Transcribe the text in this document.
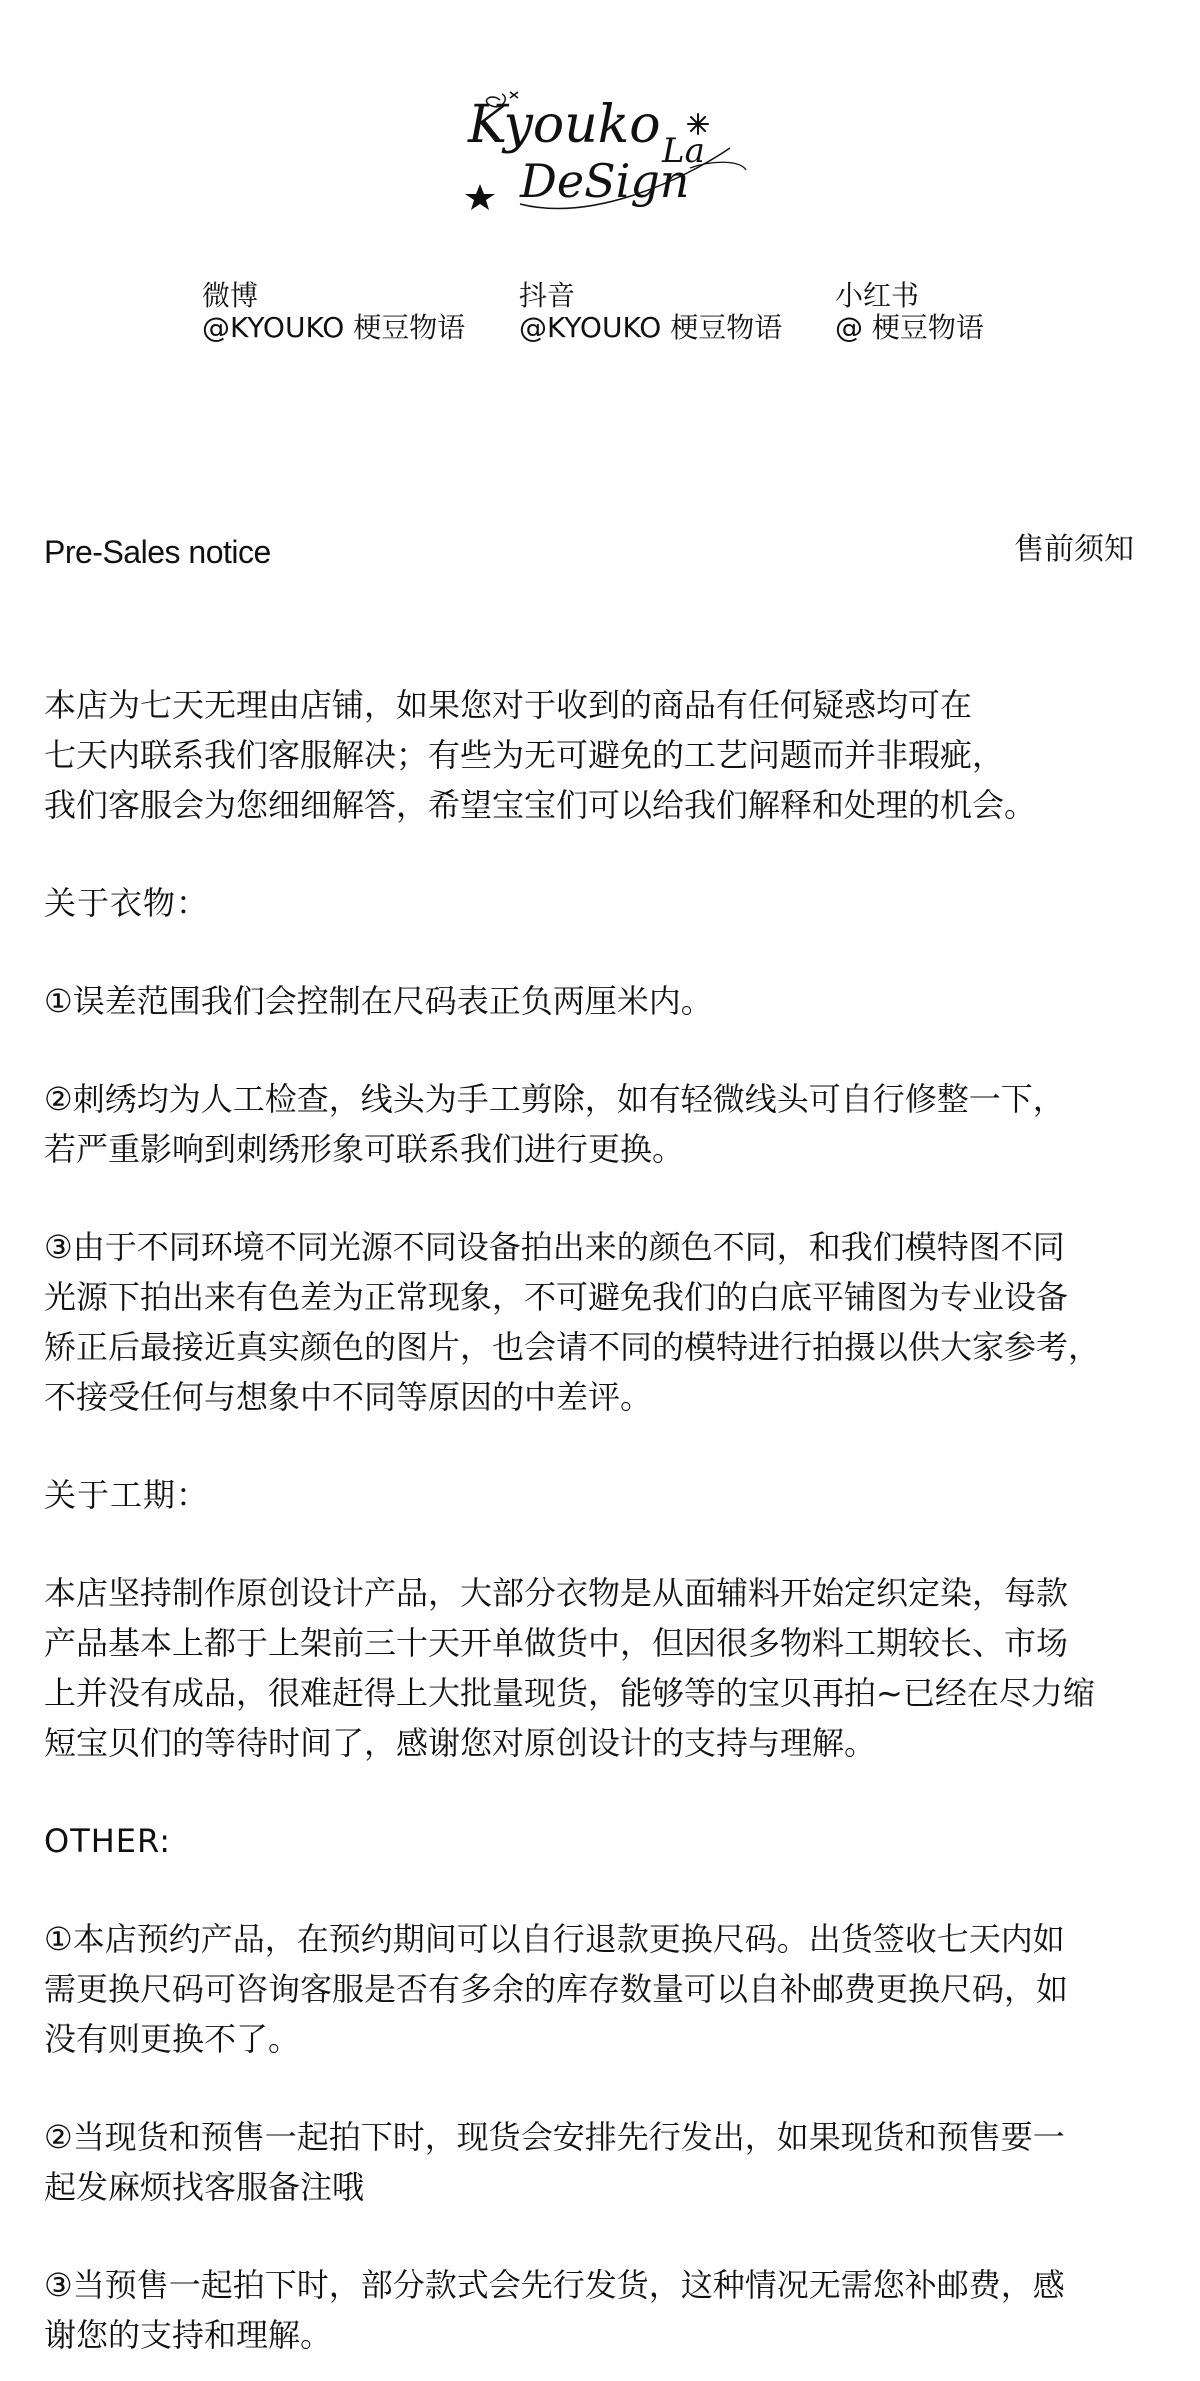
Kyouko
DeSign
La
微博
@KYOUKO 梗豆物语
抖音
@KYOUKO 梗豆物语
小红书
@ 梗豆物语
Pre-Sales notice	售前须知

本店为七天无理由店铺，如果您对于收到的商品有任何疑惑均可在

七天内联系我们客服解决；有些为无可避免的工艺问题而并非瑕疵，

我们客服会为您细细解答，希望宝宝们可以给我们解释和处理的机会。

关于衣物：

①误差范围我们会控制在尺码表正负两厘米内。

②刺绣均为人工检查，线头为手工剪除，如有轻微线头可自行修整一下，

若严重影响到刺绣形象可联系我们进行更换。

③由于不同环境不同光源不同设备拍出来的颜色不同，和我们模特图不同

光源下拍出来有色差为正常现象，不可避免我们的白底平铺图为专业设备

矫正后最接近真实颜色的图片，也会请不同的模特进行拍摄以供大家参考，

不接受任何与想象中不同等原因的中差评。

关于工期：

本店坚持制作原创设计产品，大部分衣物是从面辅料开始定织定染，每款

产品基本上都于上架前三十天开单做货中，但因很多物料工期较长、市场

上并没有成品，很难赶得上大批量现货，能够等的宝贝再拍~已经在尽力缩

短宝贝们的等待时间了，感谢您对原创设计的支持与理解。

OTHER:

①本店预约产品，在预约期间可以自行退款更换尺码。出货签收七天内如

需更换尺码可咨询客服是否有多余的库存数量可以自补邮费更换尺码，如

没有则更换不了。

②当现货和预售一起拍下时，现货会安排先行发出，如果现货和预售要一

起发麻烦找客服备注哦

③当预售一起拍下时，部分款式会先行发货，这种情况无需您补邮费，感

谢您的支持和理解。
